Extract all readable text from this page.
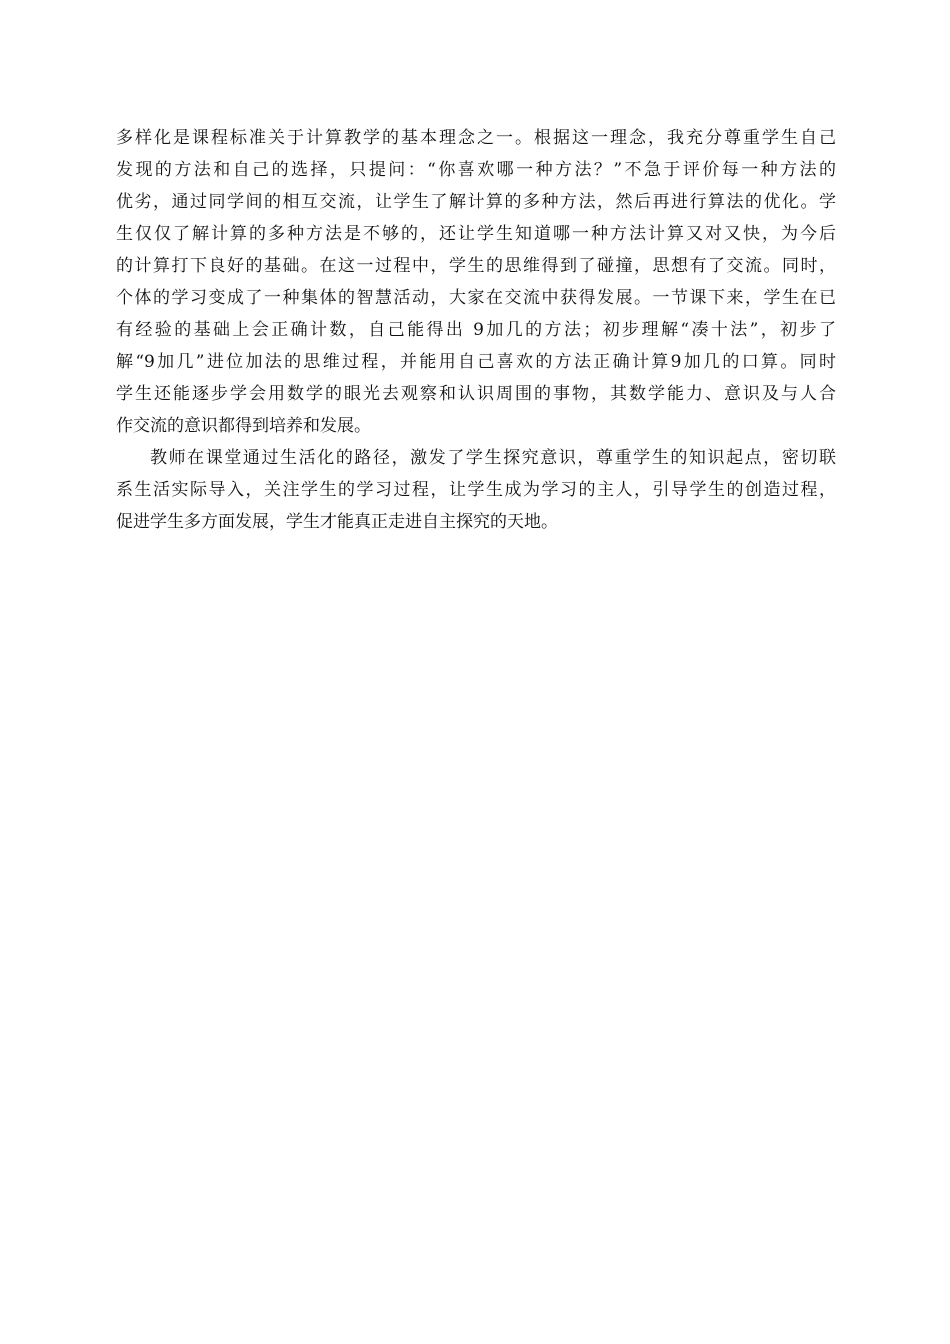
多样化是课程标准关于计算教学的基本理念之一。根据这一理念，我充分尊重学生自己
发现的方法和自己的选择，只提问：“你喜欢哪一种方法？”不急于评价每一种方法的
优劣，通过同学间的相互交流，让学生了解计算的多种方法，然后再进行算法的优化。学
生仅仅了解计算的多种方法是不够的，还让学生知道哪一种方法计算又对又快，为今后
的计算打下良好的基础。在这一过程中，学生的思维得到了碰撞，思想有了交流。同时，
个体的学习变成了一种集体的智慧活动，大家在交流中获得发展。一节课下来，学生在已
有经验的基础上会正确计数，自己能得出 9加几的方法；初步理解“凑十法”，初步了
解“9加几”进位加法的思维过程，并能用自己喜欢的方法正确计算9加几的口算。同时
学生还能逐步学会用数学的眼光去观察和认识周围的事物，其数学能力、意识及与人合
作交流的意识都得到培养和发展。
教师在课堂通过生活化的路径，激发了学生探究意识，尊重学生的知识起点，密切联
系生活实际导入，关注学生的学习过程，让学生成为学习的主人，引导学生的创造过程，
促进学生多方面发展，学生才能真正走进自主探究的天地。
